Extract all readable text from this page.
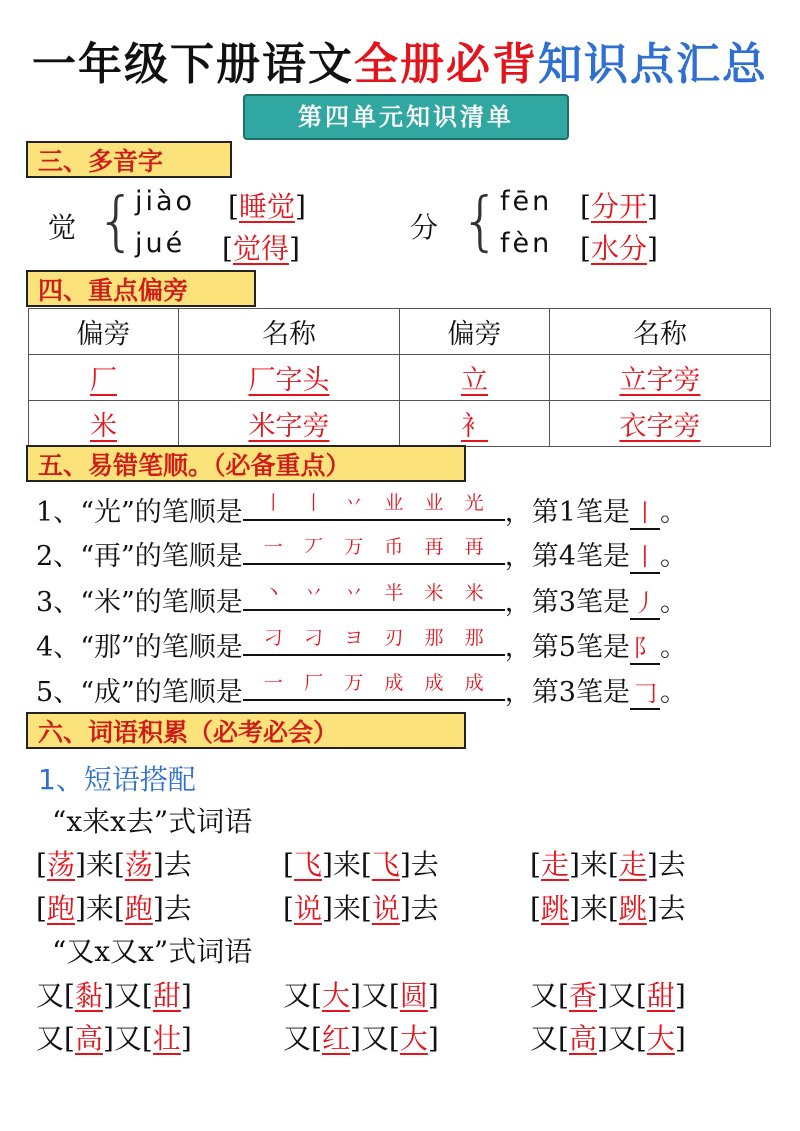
一年级下册语文全册必背知识点汇总
第四单元知识清单
三、多音字
觉 {
jiào [睡觉]
jué [觉得]
分 { fēn [分开]
fèn [水分]
四、重点偏旁
偏旁	名称	偏旁	名称
厂	厂字头	立	立字旁
米	米字旁	衤	衣字旁
五、易错笔顺。（必备重点）
1、“光”的笔顺是 丨 丨 丷 业 业 光 ，第1笔是 丨 。
2、“再”的笔顺是 一 丆 万 币 再 再 ，第4笔是 丨 。
3、“米”的笔顺是 丶 丷 丷 半 米 米 ，第3笔是 丿 。
4、“那”的笔顺是 刁 刁 ヨ 刃 那 那 ，第5笔是 阝 。
5、“成”的笔顺是 一 厂 万 成 成 成 ，第3笔是 𠃌 。
六、词语积累（必考必会）
1、短语搭配
“x来x去”式词语
[荡]来[荡]去	[飞]来[飞]去	[走]来[走]去
[跑]来[跑]去	[说]来[说]去	[跳]来[跳]去
“又x又x”式词语
又[黏]又[甜]	又[大]又[圆]	又[香]又[甜]
又[高]又[壮]	又[红]又[大]	又[高]又[大]
